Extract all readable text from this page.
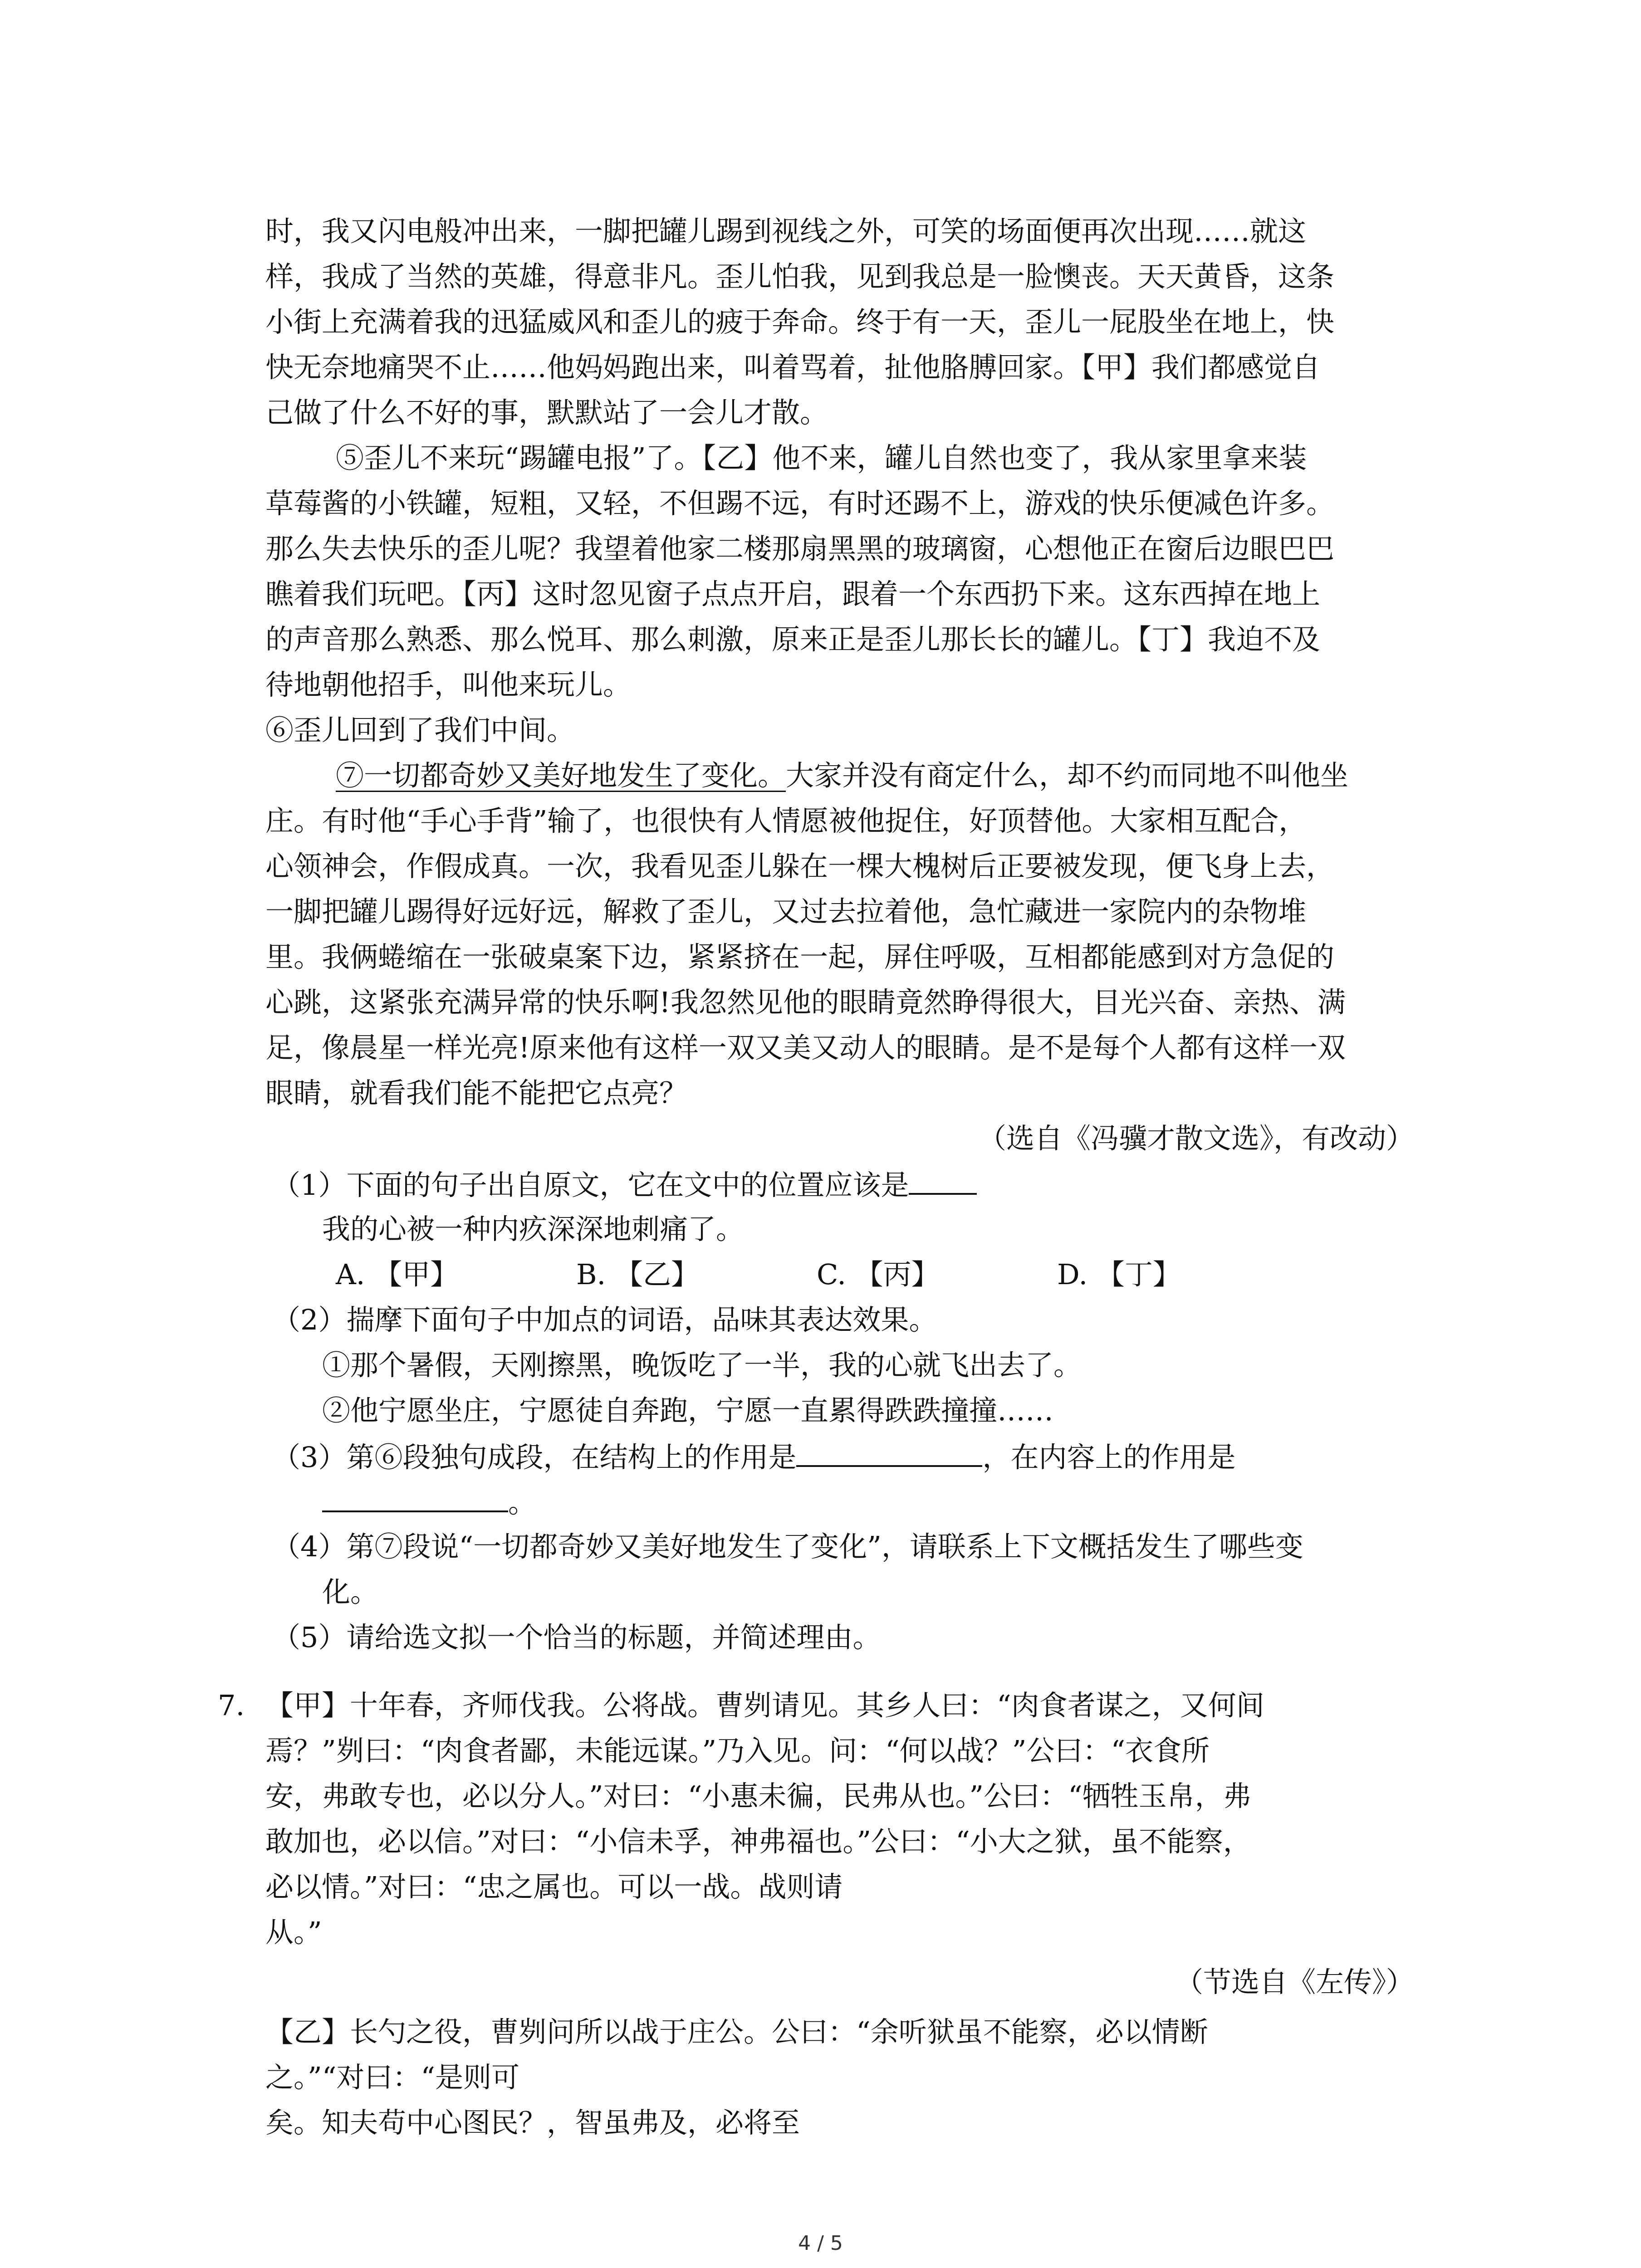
时，我又闪电般冲出来，一脚把罐儿踢到视线之外，可笑的场面便再次出现……就这
样，我成了当然的英雄，得意非凡。歪儿怕我，见到我总是一脸懊丧。天天黄昏，这条
小街上充满着我的迅猛威风和歪儿的疲于奔命。终于有一天，歪儿一屁股坐在地上，快
快无奈地痛哭不止……他妈妈跑出来，叫着骂着，扯他胳膊回家。【甲】我们都感觉自
己做了什么不好的事，默默站了一会儿才散。
⑤歪儿不来玩“踢罐电报”了。【乙】他不来，罐儿自然也变了，我从家里拿来装
草莓酱的小铁罐，短粗，又轻，不但踢不远，有时还踢不上，游戏的快乐便减色许多。
那么失去快乐的歪儿呢？我望着他家二楼那扇黑黑的玻璃窗，心想他正在窗后边眼巴巴
瞧着我们玩吧。【丙】这时忽见窗子点点开启，跟着一个东西扔下来。这东西掉在地上
的声音那么熟悉、那么悦耳、那么刺激，原来正是歪儿那长长的罐儿。【丁】我迫不及
待地朝他招手，叫他来玩儿。
⑥歪儿回到了我们中间。
⑦一切都奇妙又美好地发生了变化。大家并没有商定什么，却不约而同地不叫他坐
庄。有时他“手心手背”输了，也很快有人情愿被他捉住，好顶替他。大家相互配合，
心领神会，作假成真。一次，我看见歪儿躲在一棵大槐树后正要被发现，便飞身上去，
一脚把罐儿踢得好远好远，解救了歪儿，又过去拉着他，急忙藏进一家院内的杂物堆
里。我俩蜷缩在一张破桌案下边，紧紧挤在一起，屏住呼吸，互相都能感到对方急促的
心跳，这紧张充满异常的快乐啊!我忽然见他的眼睛竟然睁得很大，目光兴奋、亲热、满
足，像晨星一样光亮!原来他有这样一双又美又动人的眼睛。是不是每个人都有这样一双
眼睛，就看我们能不能把它点亮？
（选自《冯骥才散文选》，有改动）
（1）下面的句子出自原文，它在文中的位置应该是
我的心被一种内疚深深地刺痛了。
A. 【甲】	B. 【乙】	C. 【丙】	D. 【丁】
（2）揣摩下面句子中加点的词语，品味其表达效果。
①那个暑假，天刚擦黑，晚饭吃了一半，我的心就飞出去了。
②他宁愿坐庄，宁愿徒自奔跑，宁愿一直累得跌跌撞撞……
（3）第⑥段独句成段，在结构上的作用是	，在内容上的作用是
。
（4）第⑦段说“一切都奇妙又美好地发生了变化”，请联系上下文概括发生了哪些变
化。
（5）请给选文拟一个恰当的标题，并简述理由。
7. 【甲】十年春，齐师伐我。公将战。曹刿请见。其乡人曰：“肉食者谋之，又何间
焉？”刿曰：“肉食者鄙，未能远谋。”乃入见。问：“何以战？”公曰：“衣食所
安，弗敢专也，必以分人。”对曰：“小惠未徧，民弗从也。”公曰：“牺牲玉帛，弗
敢加也，必以信。”对曰：“小信未孚，神弗福也。”公曰：“小大之狱，虽不能察，
必以情。”对曰：“忠之属也。可以一战。战则请
从。”
（节选自《左传》）
【乙】长勺之役，曹刿问所以战于庄公。公曰：“余听狱虽不能察，必以情断
之。”“对曰：“是则可
矣。知夫苟中心图民？，智虽弗及，必将至
4 / 5
